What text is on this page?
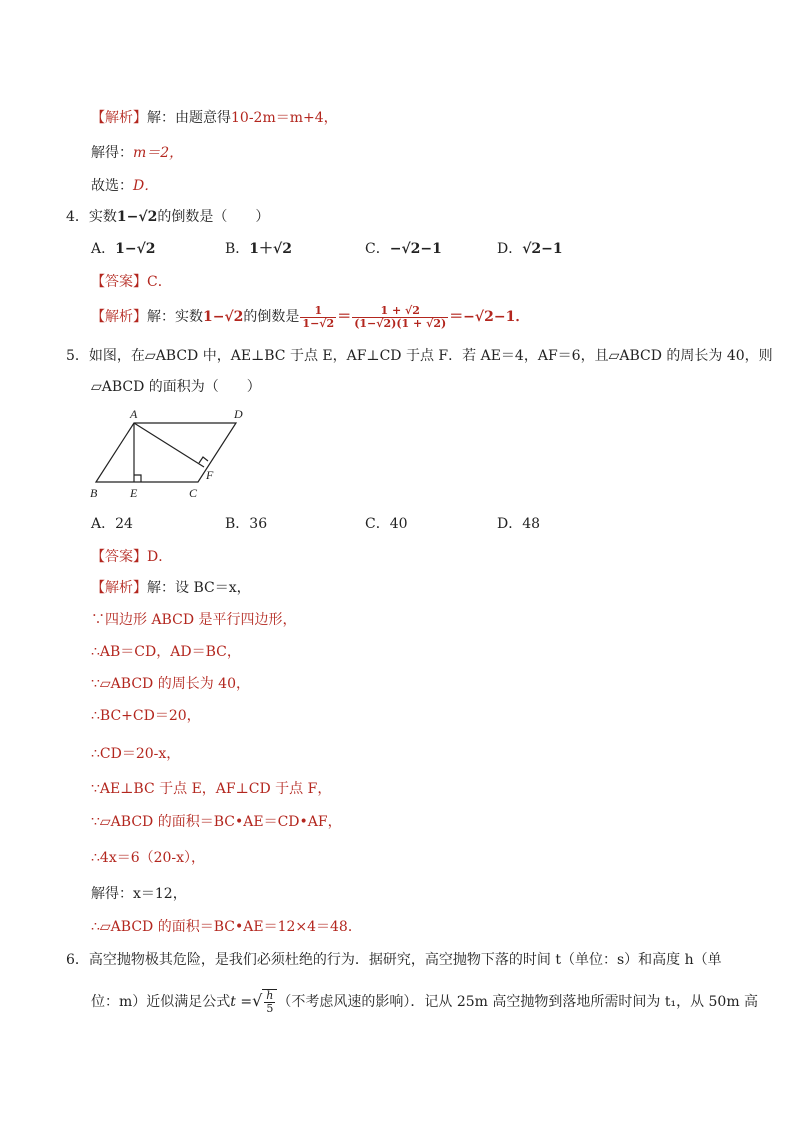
【解析】解：由题意得10-2m＝m+4，
解得：m＝2，
故选：D．
4．实数1−√2的倒数是（　　）
A．1−√2	B．1＋√2	C．−√2−1	D．√2−1
【答案】C．
【解析】解：实数1−√2的倒数是 $\frac{1}{1-√2} = \frac{1 + √2}{(1-√2)(1 + √2)} =-√2-1$．
5．如图，在▱ABCD 中，AE⊥BC 于点 E，AF⊥CD 于点 F．若 AE＝4，AF＝6，且▱ABCD 的周长为 40，则
▱ABCD 的面积为（　　）
A	D
B	E	C
F
A．24	B．36	C．40	D．48
【答案】D．
【解析】解：设 BC＝x，
∵四边形 ABCD 是平行四边形，
∴AB＝CD，AD＝BC，
∵▱ABCD 的周长为 40，
∴BC+CD＝20，
∴CD＝20-x，
∵AE⊥BC 于点 E，AF⊥CD 于点 F，
∵▱ABCD 的面积＝BC•AE＝CD•AF，
∴4x＝6（20-x），
解得：x＝12，
∴▱ABCD 的面积＝BC•AE＝12×4＝48．
6．高空抛物极其危险，是我们必须杜绝的行为．据研究，高空抛物下落的时间 t（单位：s）和高度 h（单
位：m）近似满足公式t =√ $\frac{h}{5}$ （不考虑风速的影响）．记从 25m 高空抛物到落地所需时间为 t₁，从 50m 高
